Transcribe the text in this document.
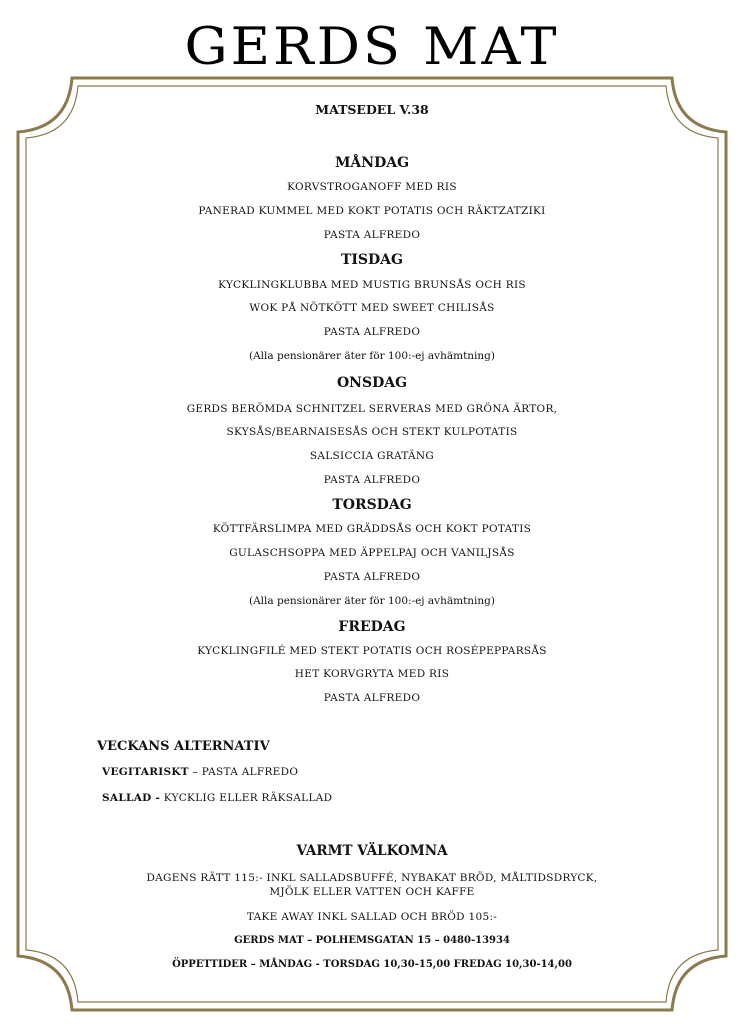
GERDS MAT
MATSEDEL V.38
MÅNDAG
KORVSTROGANOFF MED RIS
PANERAD KUMMEL MED KOKT POTATIS OCH RÄKTZATZIKI
PASTA ALFREDO
TISDAG
KYCKLINGKLUBBA MED MUSTIG BRUNSÅS OCH RIS
WOK PÅ NÖTKÖTT MED SWEET CHILISÅS
PASTA ALFREDO
(Alla pensionärer äter för 100:-ej avhämtning)
ONSDAG
GERDS BERÖMDA SCHNITZEL SERVERAS MED GRÖNA ÄRTOR,
SKYSÅS/BEARNAISESÅS OCH STEKT KULPOTATIS
SALSICCIA GRATÄNG
PASTA ALFREDO
TORSDAG
KÖTTFÄRSLIMPA MED GRÄDDSÅS OCH KOKT POTATIS
GULASCHSOPPA MED ÄPPELPAJ OCH VANILJSÅS
PASTA ALFREDO
(Alla pensionärer äter för 100:-ej avhämtning)
FREDAG
KYCKLINGFILÉ MED STEKT POTATIS OCH ROSÉPEPPARSÅS
HET KORVGRYTA MED RIS
PASTA ALFREDO
VECKANS ALTERNATIV
VEGITARISKT – PASTA ALFREDO
SALLAD - KYCKLIG ELLER RÄKSALLAD
VARMT VÄLKOMNA
DAGENS RÄTT 115:- INKL SALLADSBUFFÉ, NYBAKAT BRÖD, MÅLTIDSDRYCK,
MJÖLK ELLER VATTEN OCH KAFFE
TAKE AWAY INKL SALLAD OCH BRÖD 105:-
GERDS MAT – POLHEMSGATAN 15 – 0480-13934
ÖPPETTIDER – MÅNDAG - TORSDAG 10,30-15,00 FREDAG 10,30-14,00
